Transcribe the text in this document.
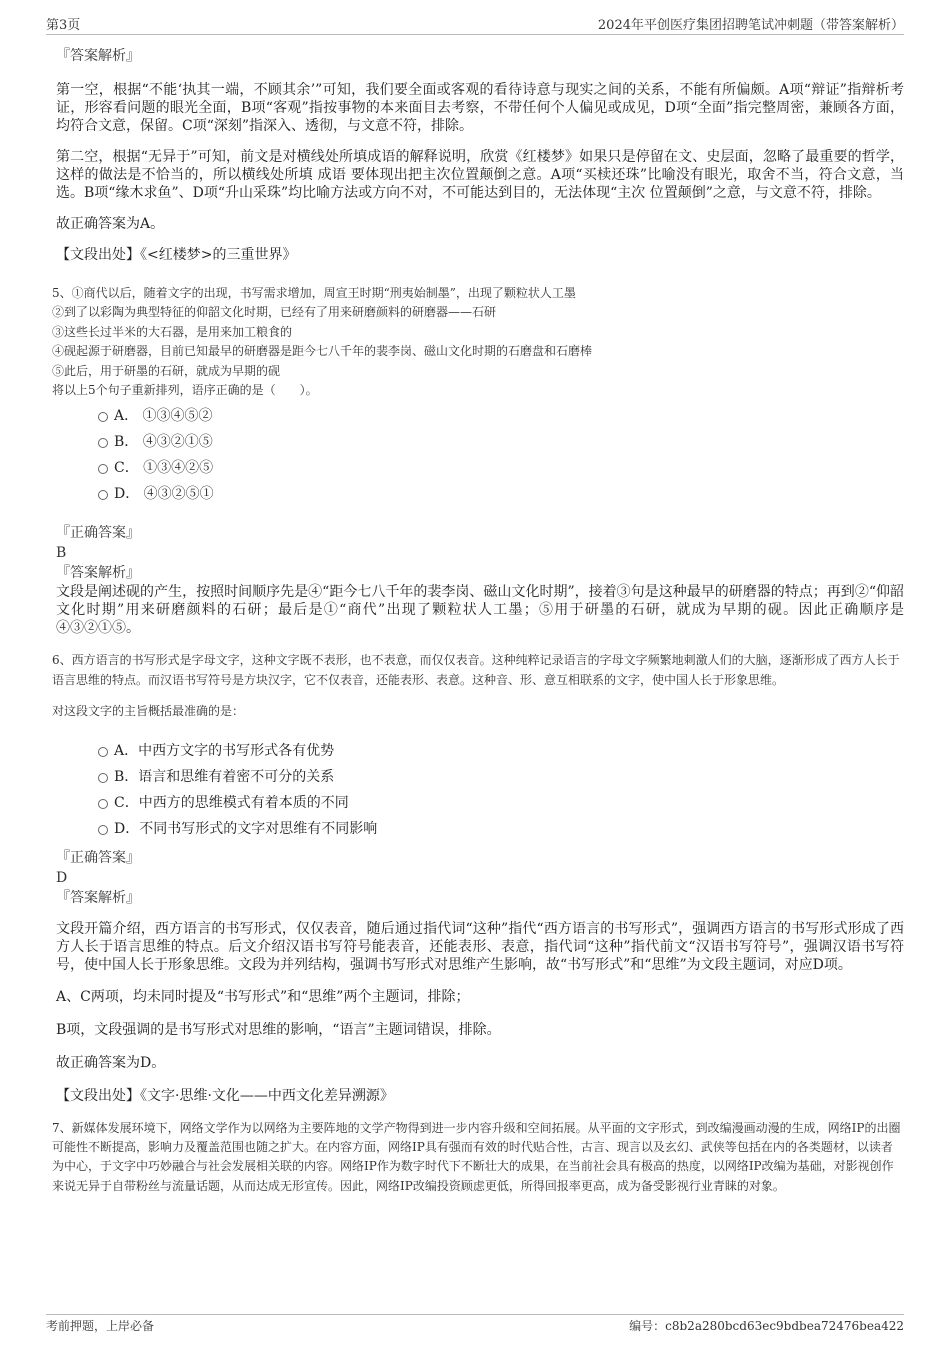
第3页	2024年平创医疗集团招聘笔试冲刺题（带答案解析）

『答案解析』

第一空，根据“不能‘执其一端，不顾其余’”可知，我们要全面或客观的看待诗意与现实之间的关系，不能有所偏颇。A项“辩证”指辩析考证，形容看问题的眼光全面，B项“客观”指按事物的本来面目去考察，不带任何个人偏见或成见，D项“全面”指完整周密，兼顾各方面，均符合文意，保留。C项“深刻”指深入、透彻，与文意不符，排除。

第二空，根据“无异于”可知，前文是对横线处所填成语的解释说明，欣赏《红楼梦》如果只是停留在文、史层面，忽略了最重要的哲学，这样的做法是不恰当的，所以横线处所填 成语 要体现出把主次位置颠倒之意。A项“买椟还珠”比喻没有眼光，取舍不当，符合文意，当选。B项“缘木求鱼”、D项“升山采珠”均比喻方法或方向不对，不可能达到目的，无法体现“主次 位置颠倒”之意，与文意不符，排除。

故正确答案为A。

【文段出处】《<红楼梦>的三重世界》

5、①商代以后，随着文字的出现，书写需求增加，周宣王时期“刑夷始制墨”，出现了颗粒状人工墨

②到了以彩陶为典型特征的仰韶文化时期，已经有了用来研磨颜料的研磨器——石研

③这些长过半米的大石器，是用来加工粮食的

④砚起源于研磨器，目前已知最早的研磨器是距今七八千年的裴李岗、磁山文化时期的石磨盘和石磨棒

⑤此后，用于研墨的石研，就成为早期的砚

将以上5个句子重新排列，语序正确的是（　　）。

A． ①③④⑤②
B． ④③②①⑤
C． ①③④②⑤
D． ④③②⑤①

『正确答案』

B

『答案解析』

文段是阐述砚的产生，按照时间顺序先是④“距今七八千年的裴李岗、磁山文化时期”，接着③句是这种最早的研磨器的特点；再到②“仰韶文化时期”用来研磨颜料的石研；最后是①“商代”出现了颗粒状人工墨；⑤用于研墨的石研，就成为早期的砚。因此正确顺序是④③②①⑤。

6、西方语言的书写形式是字母文字，这种文字既不表形，也不表意，而仅仅表音。这种纯粹记录语言的字母文字频繁地刺激人们的大脑，逐渐形成了西方人长于语言思维的特点。而汉语书写符号是方块汉字，它不仅表音，还能表形、表意。这种音、形、意互相联系的文字，使中国人长于形象思维。

对这段文字的主旨概括最准确的是：

A．中西方文字的书写形式各有优势
B．语言和思维有着密不可分的关系
C．中西方的思维模式有着本质的不同
D．不同书写形式的文字对思维有不同影响

『正确答案』

D

『答案解析』

文段开篇介绍，西方语言的书写形式，仅仅表音，随后通过指代词“这种”指代“西方语言的书写形式”，强调西方语言的书写形式形成了西方人长于语言思维的特点。后文介绍汉语书写符号能表音，还能表形、表意，指代词“这种”指代前文“汉语书写符号”，强调汉语书写符号，使中国人长于形象思维。文段为并列结构，强调书写形式对思维产生影响，故“书写形式”和“思维”为文段主题词，对应D项。

A、C两项，均未同时提及“书写形式”和“思维”两个主题词，排除；

B项，文段强调的是书写形式对思维的影响，“语言”主题词错误，排除。

故正确答案为D。

【文段出处】《文字·思维·文化——中西文化差异溯源》

7、新媒体发展环境下，网络文学作为以网络为主要阵地的文学产物得到进一步内容升级和空间拓展。从平面的文字形式，到改编漫画动漫的生成，网络IP的出圈可能性不断提高，影响力及覆盖范围也随之扩大。在内容方面，网络IP具有强而有效的时代贴合性，古言、现言以及玄幻、武侠等包括在内的各类题材，以读者为中心，于文字中巧妙融合与社会发展相关联的内容。网络IP作为数字时代下不断壮大的成果，在当前社会具有极高的热度，以网络IP改编为基础，对影视创作来说无异于自带粉丝与流量话题，从而达成无形宣传。因此，网络IP改编投资顾虑更低，所得回报率更高，成为备受影视行业青睐的对象。

考前押题，上岸必备	编号：c8b2a280bcd63ec9bdbea72476bea422
